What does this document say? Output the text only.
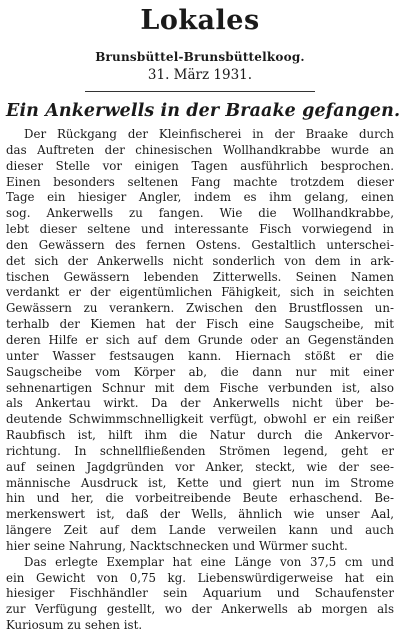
Lokales
Brunsbüttel-Brunsbüttelkoog.
31. März 1931.
Ein Ankerwells in der Braake gefangen.
Der Rückgang der Kleinfischerei in der Braake durch
das Auftreten der chinesischen Wollhandkrabbe wurde an
dieser Stelle vor einigen Tagen ausführlich besprochen.
Einen besonders seltenen Fang machte trotzdem dieser
Tage ein hiesiger Angler, indem es ihm gelang, einen
sog. Ankerwells zu fangen. Wie die Wollhandkrabbe,
lebt dieser seltene und interessante Fisch vorwiegend in
den Gewässern des fernen Ostens. Gestaltlich unterschei-
det sich der Ankerwells nicht sonderlich von dem in ark-
tischen Gewässern lebenden Zitterwells. Seinen Namen
verdankt er der eigentümlichen Fähigkeit, sich in seichten
Gewässern zu verankern. Zwischen den Brustflossen un-
terhalb der Kiemen hat der Fisch eine Saugscheibe, mit
deren Hilfe er sich auf dem Grunde oder an Gegenständen
unter Wasser festsaugen kann. Hiernach stößt er die
Saugscheibe vom Körper ab, die dann nur mit einer
sehnenartigen Schnur mit dem Fische verbunden ist, also
als Ankertau wirkt. Da der Ankerwells nicht über be-
deutende Schwimmschnelligkeit verfügt, obwohl er ein reißer
Raubfisch ist, hilft ihm die Natur durch die Ankervor-
richtung. In schnellfließenden Strömen legend, geht er
auf seinen Jagdgründen vor Anker, steckt, wie der see-
männische Ausdruck ist, Kette und giert nun im Strome
hin und her, die vorbeitreibende Beute erhaschend. Be-
merkenswert ist, daß der Wells, ähnlich wie unser Aal,
längere Zeit auf dem Lande verweilen kann und auch
hier seine Nahrung, Nacktschnecken und Würmer sucht.
Das erlegte Exemplar hat eine Länge von 37,5 cm und
ein Gewicht von 0,75 kg. Liebenswürdigerweise hat ein
hiesiger Fischhändler sein Aquarium und Schaufenster
zur Verfügung gestellt, wo der Ankerwells ab morgen als
Kuriosum zu sehen ist.
